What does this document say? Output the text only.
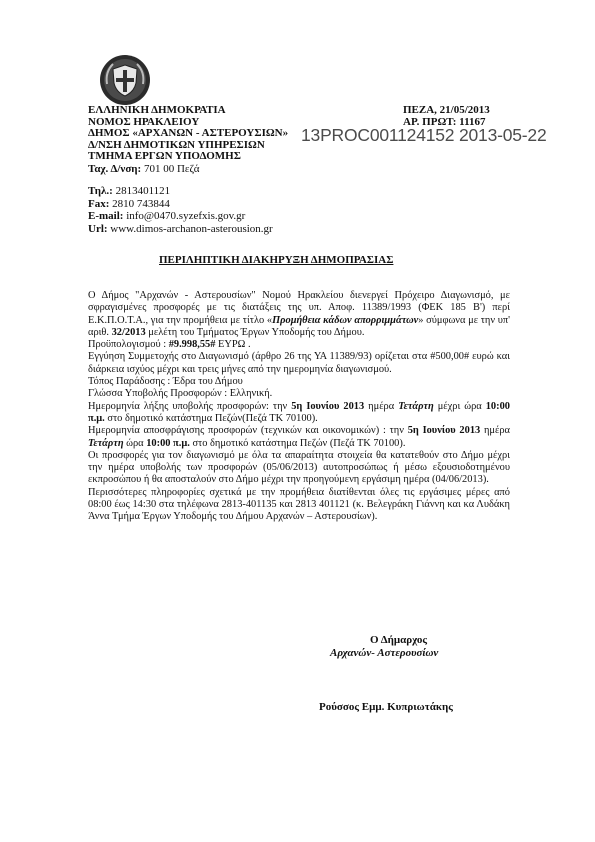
ΕΛΛΗΝΙΚΗ ΔΗΜΟΚΡΑΤΙΑ
ΝΟΜΟΣ ΗΡΑΚΛΕΙΟΥ
ΔΗΜΟΣ «ΑΡΧΑΝΩΝ - ΑΣΤΕΡΟΥΣΙΩΝ»
Δ/ΝΣΗ ΔΗΜΟΤΙΚΩΝ ΥΠΗΡΕΣΙΩΝ
ΤΜΗΜΑ ΕΡΓΩΝ ΥΠΟΔΟΜΗΣ
ΠΕΖΑ, 21/05/2013
ΑΡ. ΠΡΩΤ: 11167
13PROC001124152 2013-05-22
Ταχ. Δ/νση: 701 00 Πεζά
Τηλ.: 2813401121
Fax: 2810 743844
E-mail: info@0470.syzefxis.gov.gr
Url: www.dimos-archanon-asterousion.gr
ΠΕΡΙΛΗΠΤΙΚΗ ΔΙΑΚΗΡΥΞΗ ΔΗΜΟΠΡΑΣΙΑΣ

Ο Δήμος "Αρχανών - Αστερουσίων" Νομού Ηρακλείου διενεργεί Πρόχειρο Διαγωνισμό, με σφραγισμένες προσφορές με τις διατάξεις της υπ. Αποφ. 11389/1993 (ΦΕΚ 185 Β') περί Ε.Κ.Π.Ο.Τ.Α., για την προμήθεια με τίτλο «Προμήθεια κάδων απορριμμάτων» σύμφωνα με την υπ' αριθ. 32/2013 μελέτη του Τμήματος Έργων Υποδομής του Δήμου.

Προϋπολογισμού : #9.998,55# ΕΥΡΩ .

Εγγύηση Συμμετοχής στο Διαγωνισμό (άρθρο 26 της ΥΑ 11389/93) ορίζεται στα #500,00# ευρώ και διάρκεια ισχύος μέχρι και τρεις μήνες από την ημερομηνία διαγωνισμού.

Τόπος Παράδοσης : Έδρα του Δήμου

Γλώσσα Υποβολής Προσφορών : Ελληνική.

Ημερομηνία λήξης υποβολής προσφορών: την 5η Ιουνίου 2013 ημέρα Τετάρτη μέχρι ώρα 10:00 π.μ. στο δημοτικό κατάστημα Πεζών(Πεζά ΤΚ 70100).

Ημερομηνία αποσφράγισης προσφορών (τεχνικών και οικονομικών) : την 5η Ιουνίου 2013 ημέρα Τετάρτη ώρα 10:00 π.μ. στο δημοτικό κατάστημα Πεζών (Πεζά ΤΚ 70100).

Οι προσφορές για τον διαγωνισμό με όλα τα απαραίτητα στοιχεία θα κατατεθούν στο Δήμο μέχρι την ημέρα υποβολής των προσφορών (05/06/2013) αυτοπροσώπως ή μέσω εξουσιοδοτημένου εκπροσώπου ή θα αποσταλούν στο Δήμο μέχρι την προηγούμενη εργάσιμη ημέρα (04/06/2013).

Περισσότερες πληροφορίες σχετικά με την προμήθεια διατίθενται όλες τις εργάσιμες μέρες από 08:00 έως 14:30 στα τηλέφωνα 2813-401135 και 2813 401121 (κ. Βελεγράκη Γιάννη και κα Λυδάκη Άννα Τμήμα Έργων Υποδομής του Δήμου Αρχανών – Αστερουσίων).

Ο Δήμαρχος
Αρχανών- Αστερουσίων
Ρούσσος Εμμ. Κυπριωτάκης
